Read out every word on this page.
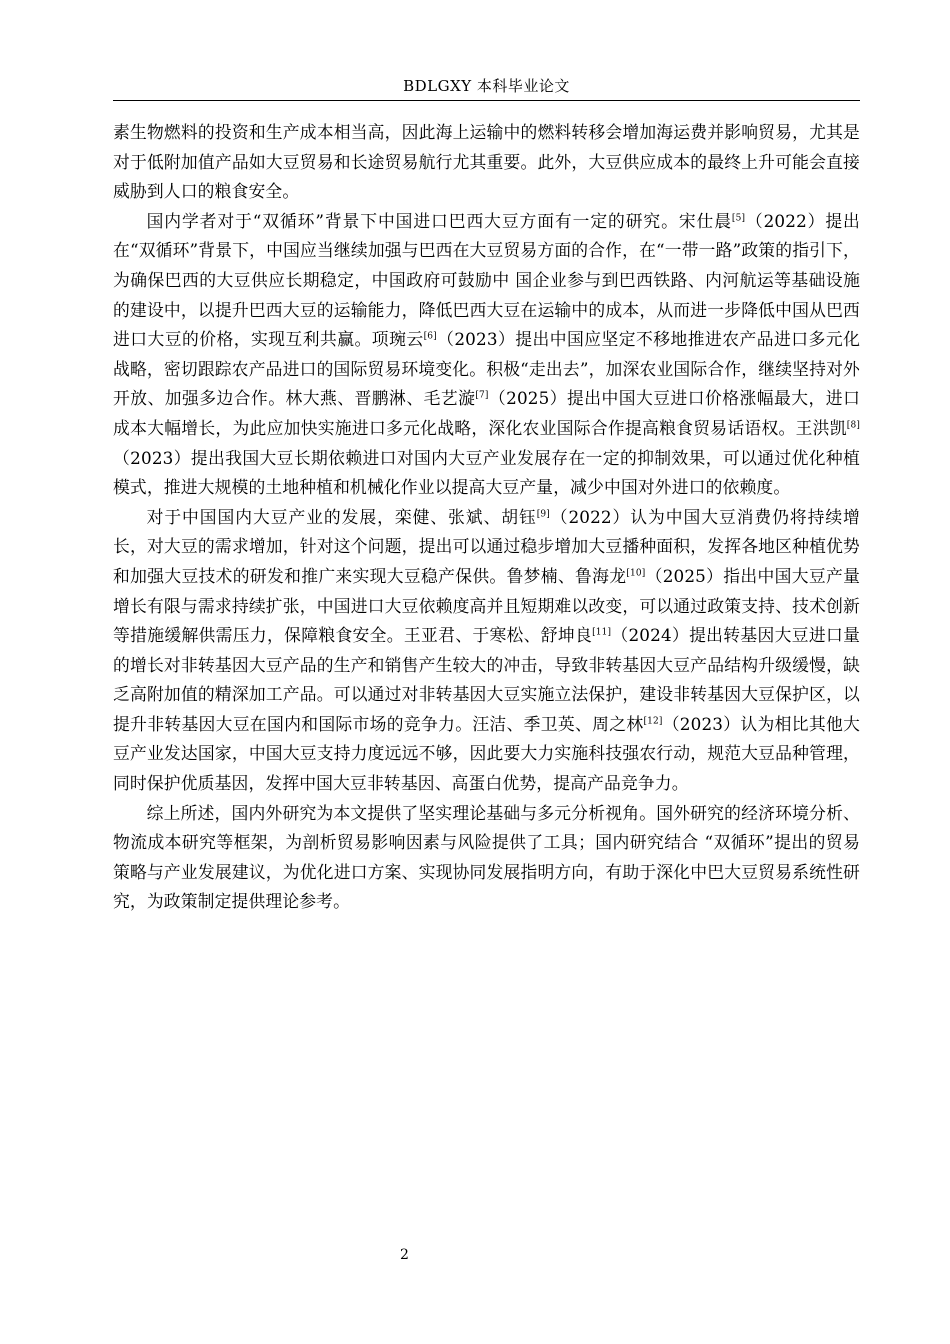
BDLGXY 本科毕业论文

素生物燃料的投资和生产成本相当高，因此海上运输中的燃料转移会增加海运费并影响贸易，尤其是对于低附加值产品如大豆贸易和长途贸易航行尤其重要。此外，大豆供应成本的最终上升可能会直接威胁到人口的粮食安全。

国内学者对于“双循环”背景下中国进口巴西大豆方面有一定的研究。宋仕晨[5]（2022）提出在“双循环”背景下，中国应当继续加强与巴西在大豆贸易方面的合作，在“一带一路”政策的指引下，为确保巴西的大豆供应长期稳定，中国政府可鼓励中 国企业参与到巴西铁路、内河航运等基础设施的建设中，以提升巴西大豆的运输能力，降低巴西大豆在运输中的成本，从而进一步降低中国从巴西进口大豆的价格，实现互利共赢。项琬云[6]（2023）提出中国应坚定不移地推进农产品进口多元化战略，密切跟踪农产品进口的国际贸易环境变化。积极“走出去”，加深农业国际合作，继续坚持对外开放、加强多边合作。林大燕、晋鹏淋、毛艺漩[7]（2025）提出中国大豆进口价格涨幅最大，进口成本大幅增长，为此应加快实施进口多元化战略，深化农业国际合作提高粮食贸易话语权。王洪凯[8]（2023）提出我国大豆长期依赖进口对国内大豆产业发展存在一定的抑制效果，可以通过优化种植模式，推进大规模的土地种植和机械化作业以提高大豆产量，减少中国对外进口的依赖度。

对于中国国内大豆产业的发展，栾健、张斌、胡钰[9]（2022）认为中国大豆消费仍将持续增长，对大豆的需求增加，针对这个问题，提出可以通过稳步增加大豆播种面积，发挥各地区种植优势和加强大豆技术的研发和推广来实现大豆稳产保供。鲁梦楠、鲁海龙[10]（2025）指出中国大豆产量增长有限与需求持续扩张，中国进口大豆依赖度高并且短期难以改变，可以通过政策支持、技术创新等措施缓解供需压力，保障粮食安全。王亚君、于寒松、舒坤良[11]（2024）提出转基因大豆进口量的增长对非转基因大豆产品的生产和销售产生较大的冲击，导致非转基因大豆产品结构升级缓慢，缺乏高附加值的精深加工产品。可以通过对非转基因大豆实施立法保护，建设非转基因大豆保护区，以提升非转基因大豆在国内和国际市场的竞争力。汪洁、季卫英、周之林[12]（2023）认为相比其他大豆产业发达国家，中国大豆支持力度远远不够，因此要大力实施科技强农行动，规范大豆品种管理，同时保护优质基因，发挥中国大豆非转基因、高蛋白优势，提高产品竞争力。

综上所述，国内外研究为本文提供了坚实理论基础与多元分析视角。国外研究的经济环境分析、物流成本研究等框架，为剖析贸易影响因素与风险提供了工具；国内研究结合 “双循环”提出的贸易策略与产业发展建议，为优化进口方案、实现协同发展指明方向，有助于深化中巴大豆贸易系统性研究，为政策制定提供理论参考。

2
